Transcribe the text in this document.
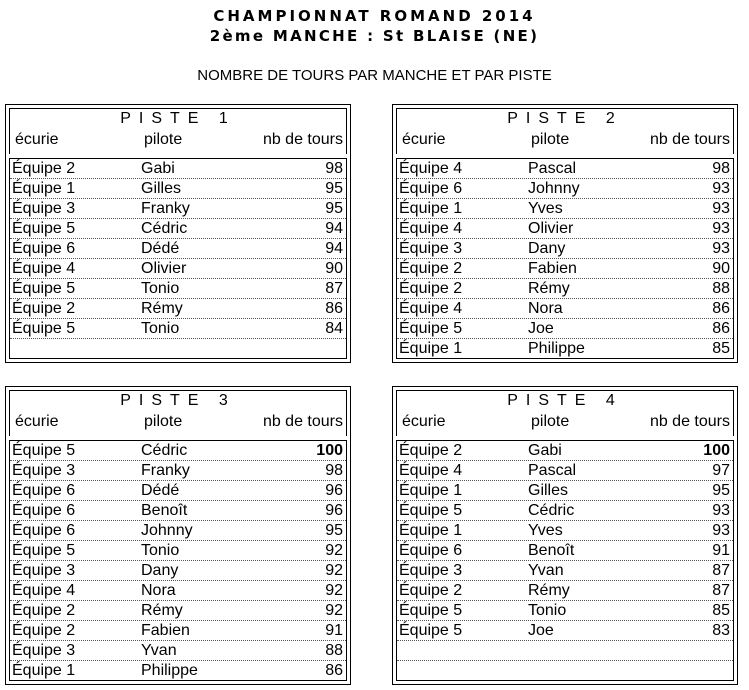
CHAMPIONNAT ROMAND 2014
2ème MANCHE : St BLAISE (NE)
NOMBRE DE TOURS PAR MANCHE ET PAR PISTE
PISTE 1
écurie	pilote	nb de tours
Équipe 2	Gabi	98
Équipe 1	Gilles	95
Équipe 3	Franky	95
Équipe 5	Cédric	94
Équipe 6	Dédé	94
Équipe 4	Olivier	90
Équipe 5	Tonio	87
Équipe 2	Rémy	86
Équipe 5	Tonio	84
PISTE 2
écurie	pilote	nb de tours
Équipe 4	Pascal	98
Équipe 6	Johnny	93
Équipe 1	Yves	93
Équipe 4	Olivier	93
Équipe 3	Dany	93
Équipe 2	Fabien	90
Équipe 2	Rémy	88
Équipe 4	Nora	86
Équipe 5	Joe	86
Équipe 1	Philippe	85
PISTE 3
écurie	pilote	nb de tours
Équipe 5	Cédric	100
Équipe 3	Franky	98
Équipe 6	Dédé	96
Équipe 6	Benoît	96
Équipe 6	Johnny	95
Équipe 5	Tonio	92
Équipe 3	Dany	92
Équipe 4	Nora	92
Équipe 2	Rémy	92
Équipe 2	Fabien	91
Équipe 3	Yvan	88
Équipe 1	Philippe	86
PISTE 4
écurie	pilote	nb de tours
Équipe 2	Gabi	100
Équipe 4	Pascal	97
Équipe 1	Gilles	95
Équipe 5	Cédric	93
Équipe 1	Yves	93
Équipe 6	Benoît	91
Équipe 3	Yvan	87
Équipe 2	Rémy	87
Équipe 5	Tonio	85
Équipe 5	Joe	83
